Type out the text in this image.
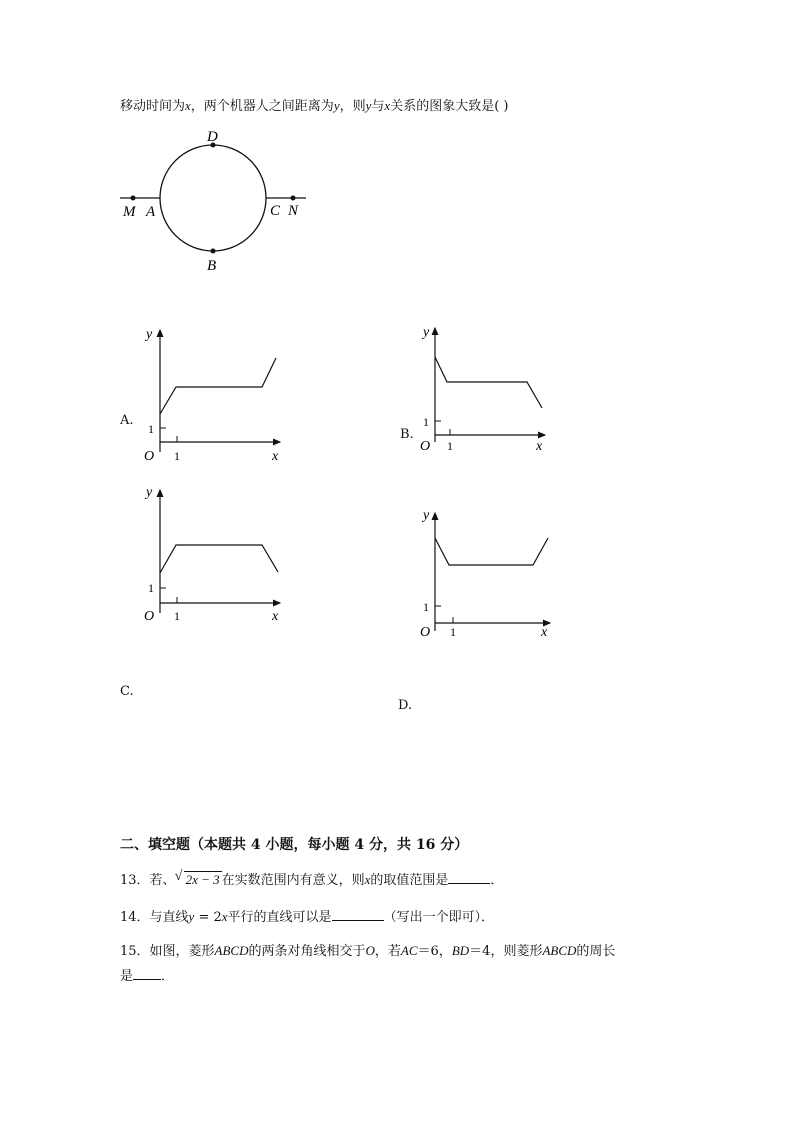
移动时间为x，两个机器人之间距离为y，则y与x关系的图象大致是( )
D
B
A	C
M	N
y
x
O 1
1
A.
y
x
O 1
1
B.
y
x
O 1
1
C.
y
x
O 1
1
D.
二、填空题（本题共 4 小题，每小题 4 分，共 16 分）
13．若、√ 2x − 3 在实数范围内有意义，则x的取值范围是	．
14．与直线y = 2x平行的直线可以是	（写出一个即可）．
15．如图，菱形ABCD的两条对角线相交于O，若AC＝6，BD＝4，则菱形ABCD的周长
是 ．
